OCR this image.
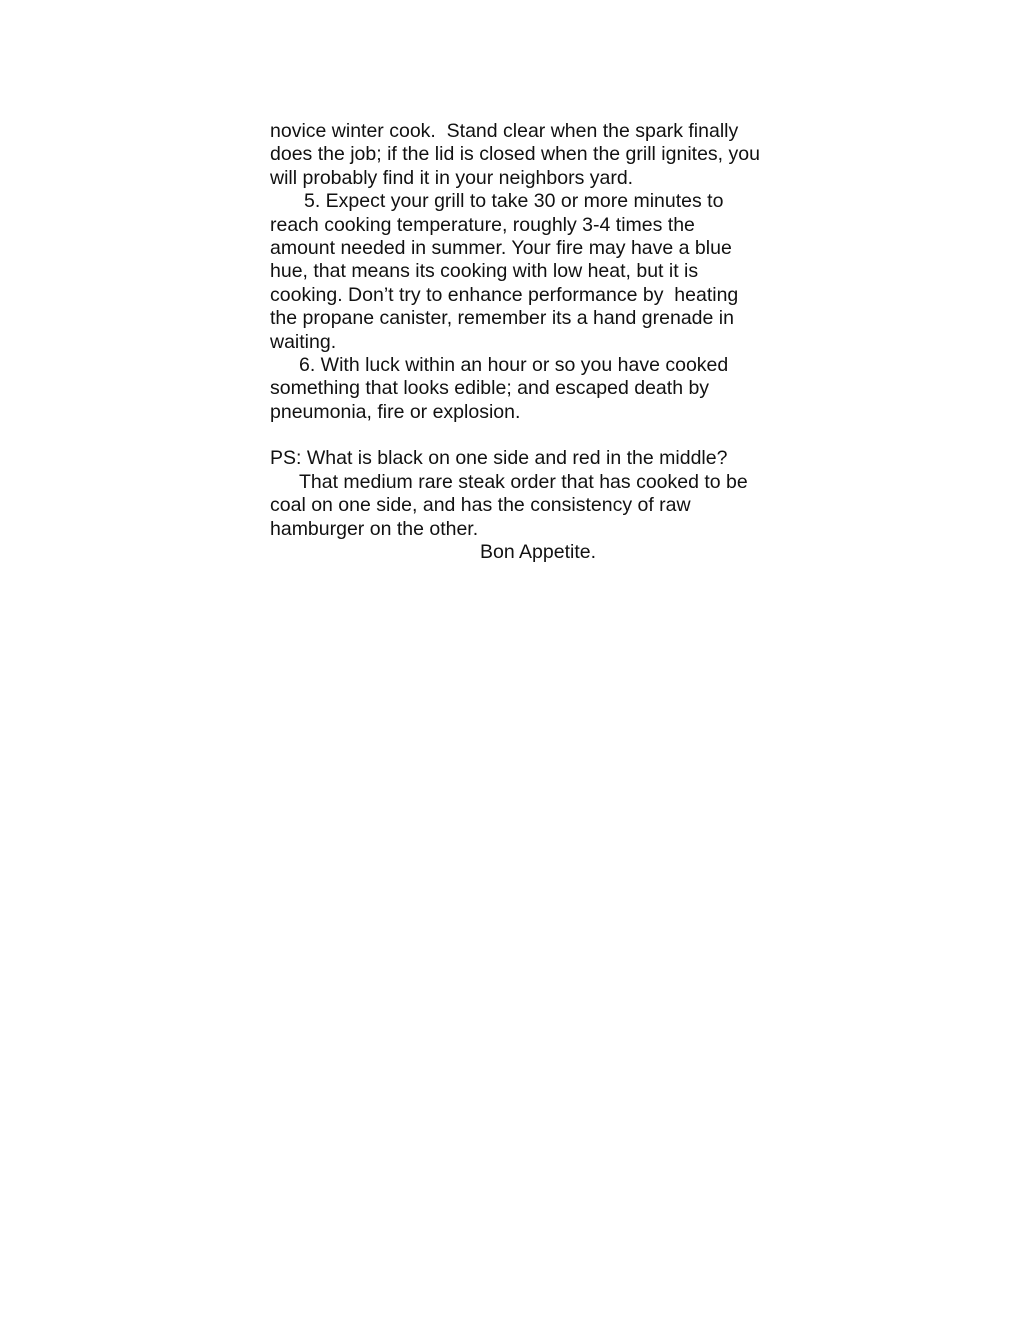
novice winter cook.  Stand clear when the spark finally
does the job; if the lid is closed when the grill ignites, you
will probably find it in your neighbors yard.
5. Expect your grill to take 30 or more minutes to
reach cooking temperature, roughly 3-4 times the
amount needed in summer. Your fire may have a blue
hue, that means its cooking with low heat, but it is
cooking. Don’t try to enhance performance by  heating
the propane canister, remember its a hand grenade in
waiting.
6. With luck within an hour or so you have cooked
something that looks edible; and escaped death by
pneumonia, fire or explosion.
PS: What is black on one side and red in the middle?
That medium rare steak order that has cooked to be
coal on one side, and has the consistency of raw
hamburger on the other.
Bon Appetite.
